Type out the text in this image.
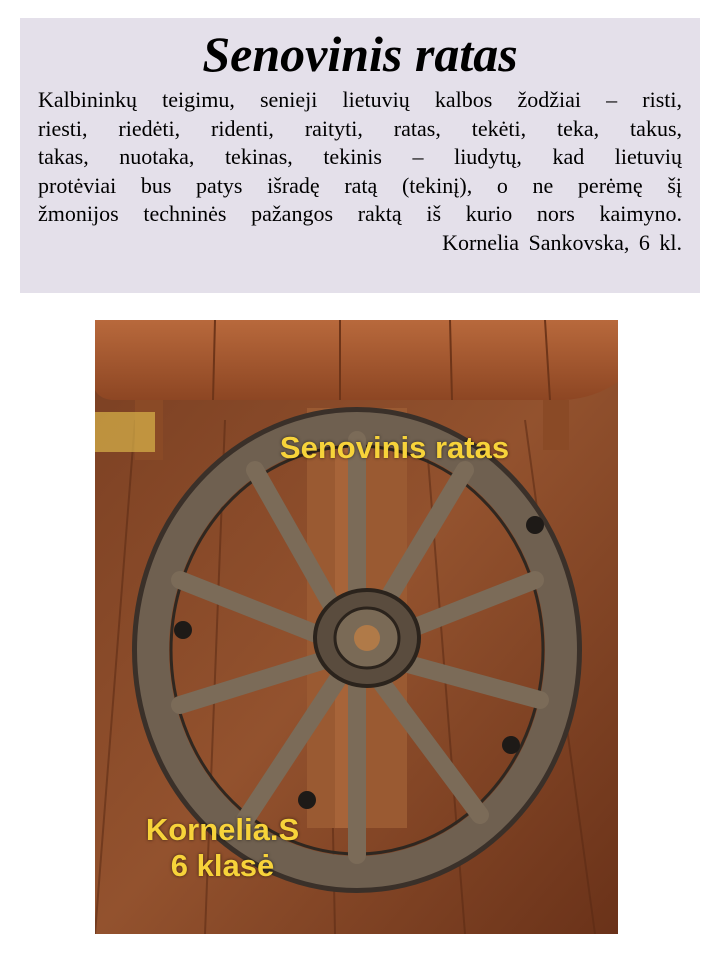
Senovinis ratas
Kalbininkų teigimu, senieji lietuvių kalbos žodžiai – risti,
riesti, riedėti, ridenti, raityti, ratas, tekėti, teka, takus,
takas, nuotaka, tekinas, tekinis – liudytų, kad lietuvių
protėviai bus patys išradę ratą (tekinį), o ne perėmę šį
žmonijos techninės pažangos raktą iš kurio nors kaimyno.
Kornelia Sankovska, 6 kl.
Senovinis ratas
Kornelia.S
6 klasė
